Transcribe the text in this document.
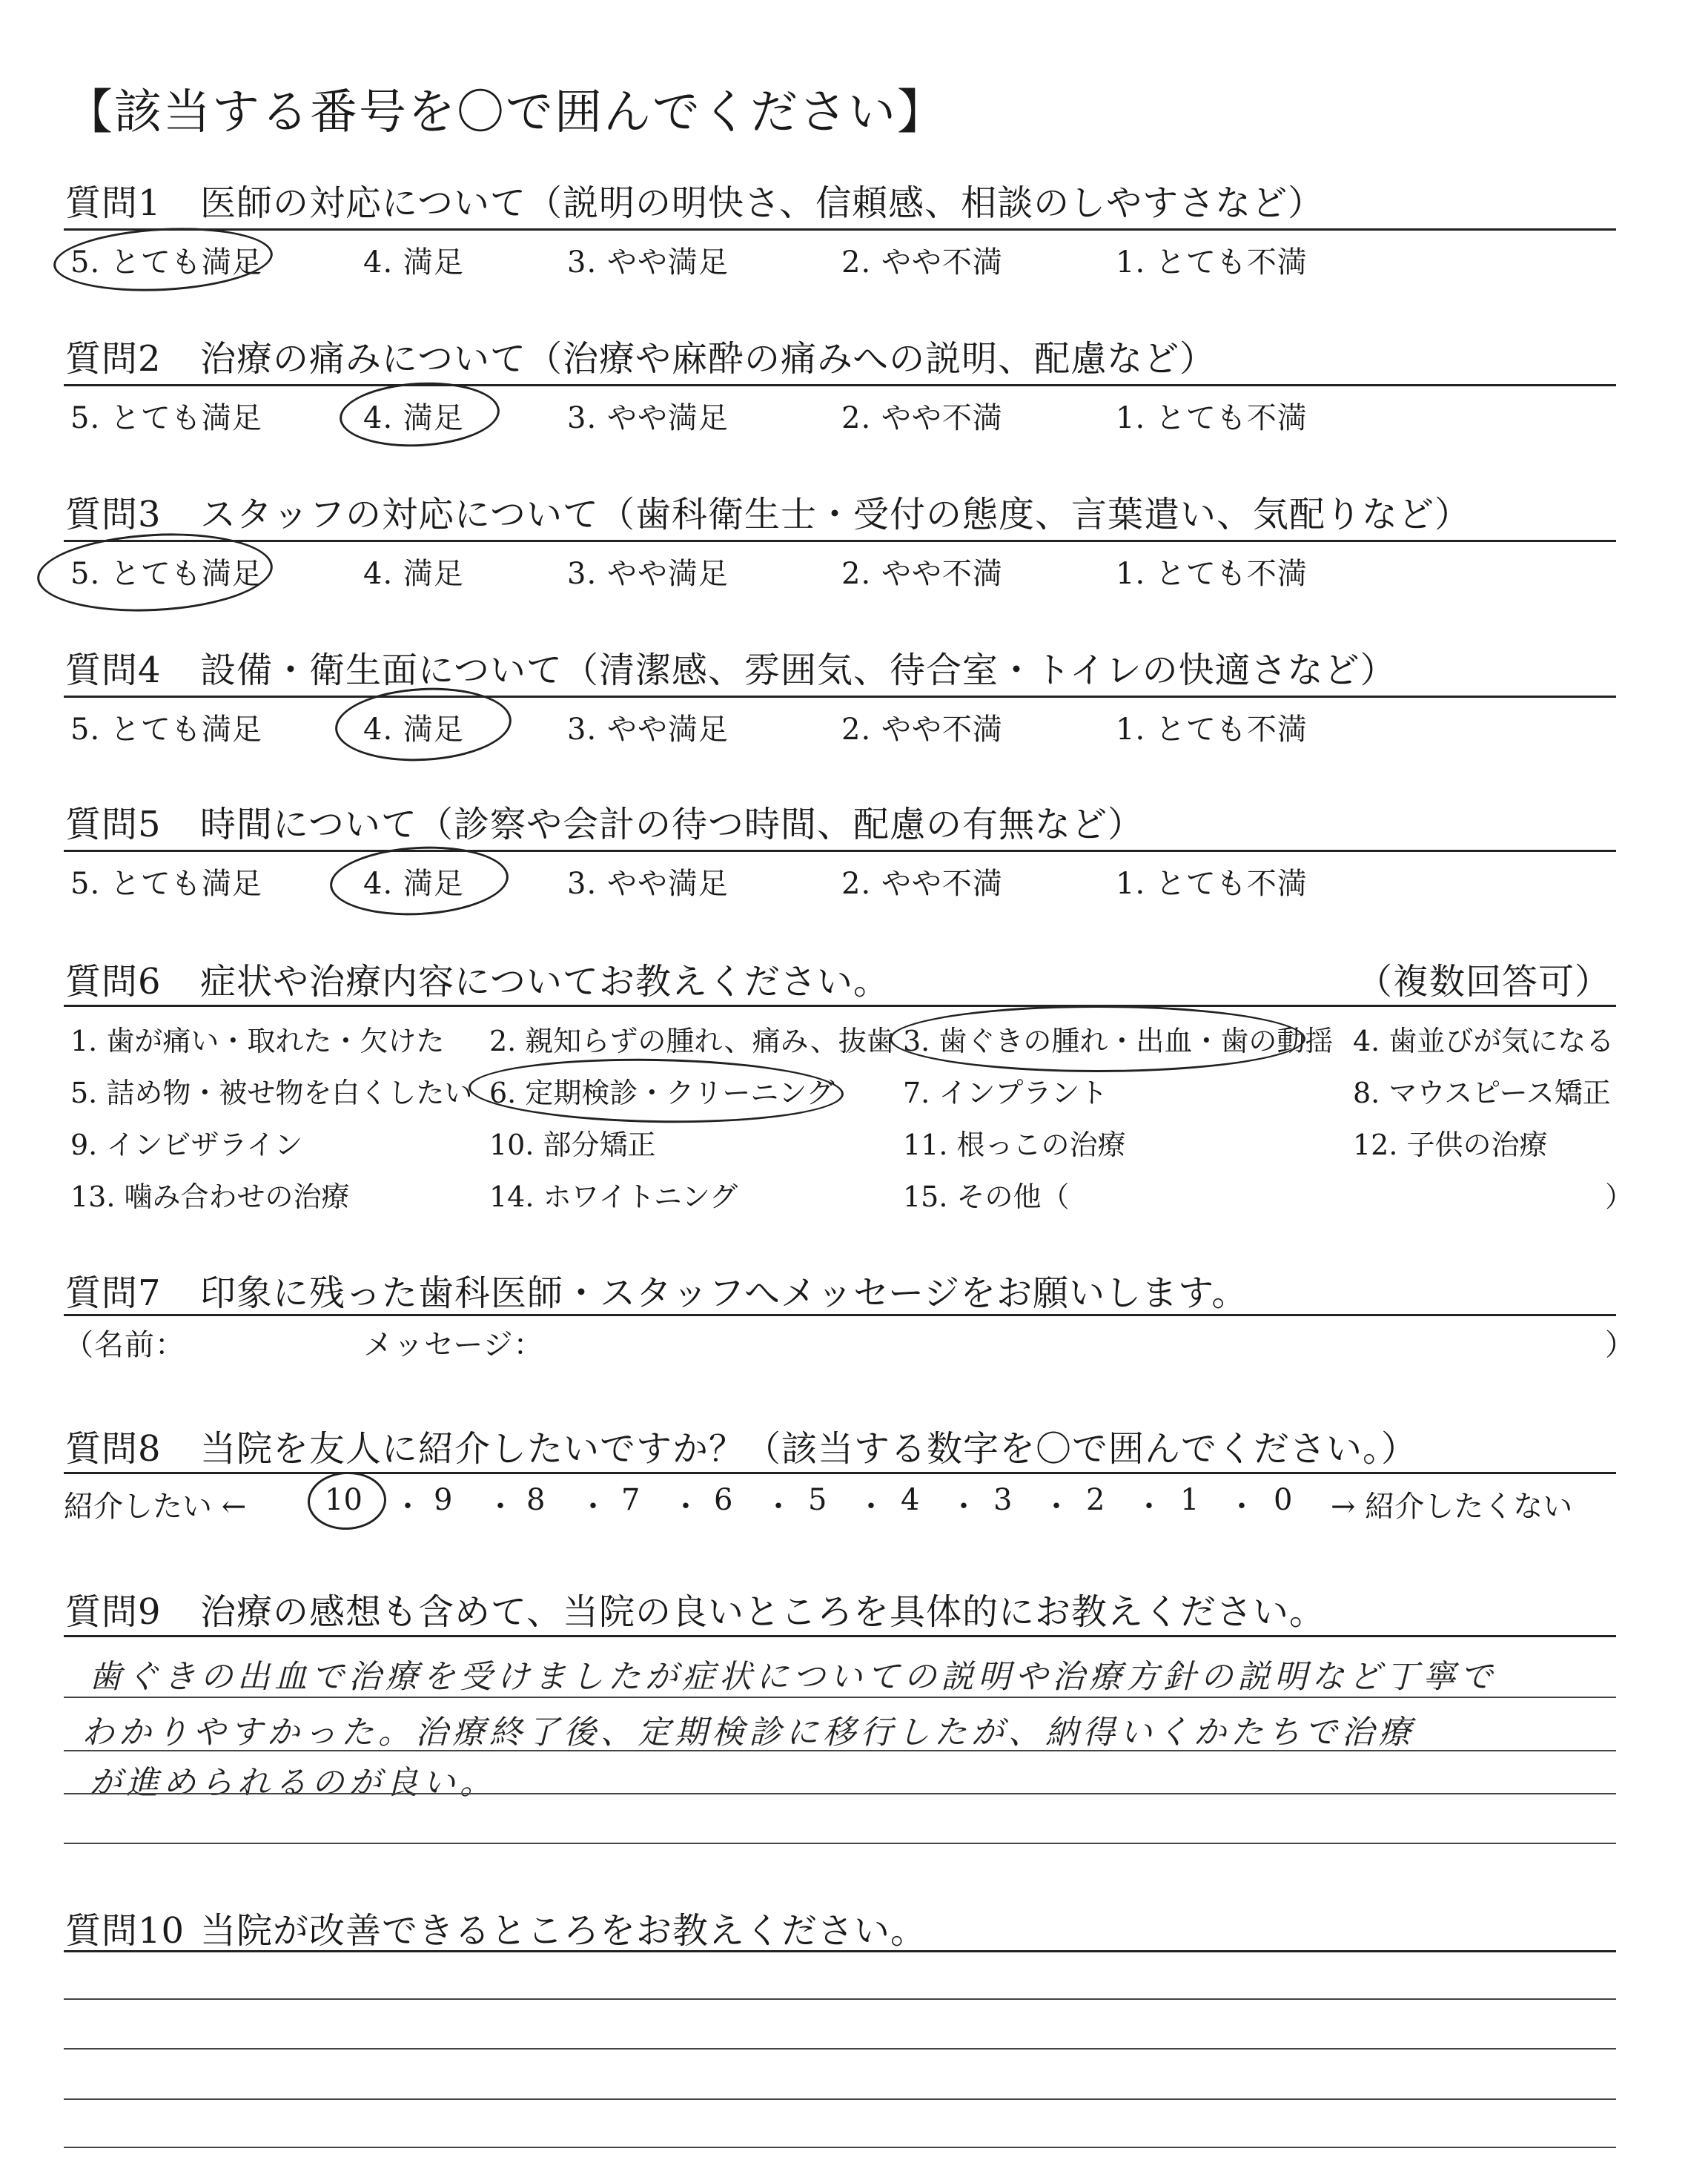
【該当する番号を〇で囲んでください】
質問1 医師の対応について（説明の明快さ、信頼感、相談のしやすさなど）
5. とても満足	4. 満足	3. やや満足	2. やや不満	1. とても不満
質問2 治療の痛みについて（治療や麻酔の痛みへの説明、配慮など）
5. とても満足	4. 満足	3. やや満足	2. やや不満	1. とても不満
質問3 スタッフの対応について（歯科衛生士・受付の態度、言葉遣い、気配りなど）
5. とても満足	4. 満足	3. やや満足	2. やや不満	1. とても不満
質問4 設備・衛生面について（清潔感、雰囲気、待合室・トイレの快適さなど）
5. とても満足	4. 満足	3. やや満足	2. やや不満	1. とても不満
質問5 時間について（診察や会計の待つ時間、配慮の有無など）
5. とても満足	4. 満足	3. やや満足	2. やや不満	1. とても不満
質問6 症状や治療内容についてお教えください。	（複数回答可）
1. 歯が痛い・取れた・欠けた 2. 親知らずの腫れ、痛み、抜歯 3. 歯ぐきの腫れ・出血・歯の動揺 4. 歯並びが気になる
5. 詰め物・被せ物を白くしたい 6. 定期検診・クリーニング 7. インプラント	8. マウスピース矯正
9. インビザライン	10. 部分矯正	11. 根っこの治療	12. 子供の治療
13. 噛み合わせの治療	14. ホワイトニング	15. その他（	）
質問7 印象に残った歯科医師・スタッフへメッセージをお願いします。
（名前：	メッセージ：	）
質問8 当院を友人に紹介したいですか？（該当する数字を〇で囲んでください。）
紹介したい ←	10 ・ 9 ・ 8 ・ 7 ・ 6 ・ 5 ・ 4 ・ 3 ・ 2 ・ 1 ・ 0 → 紹介したくない
質問9 治療の感想も含めて、当院の良いところを具体的にお教えください。
歯ぐきの出血で治療を受けましたが症状についての説明や治療方針の説明など丁寧で
わかりやすかった。治療終了後、定期検診に移行したが、納得いくかたちで治療
が進められるのが良い。
質問10 当院が改善できるところをお教えください。
